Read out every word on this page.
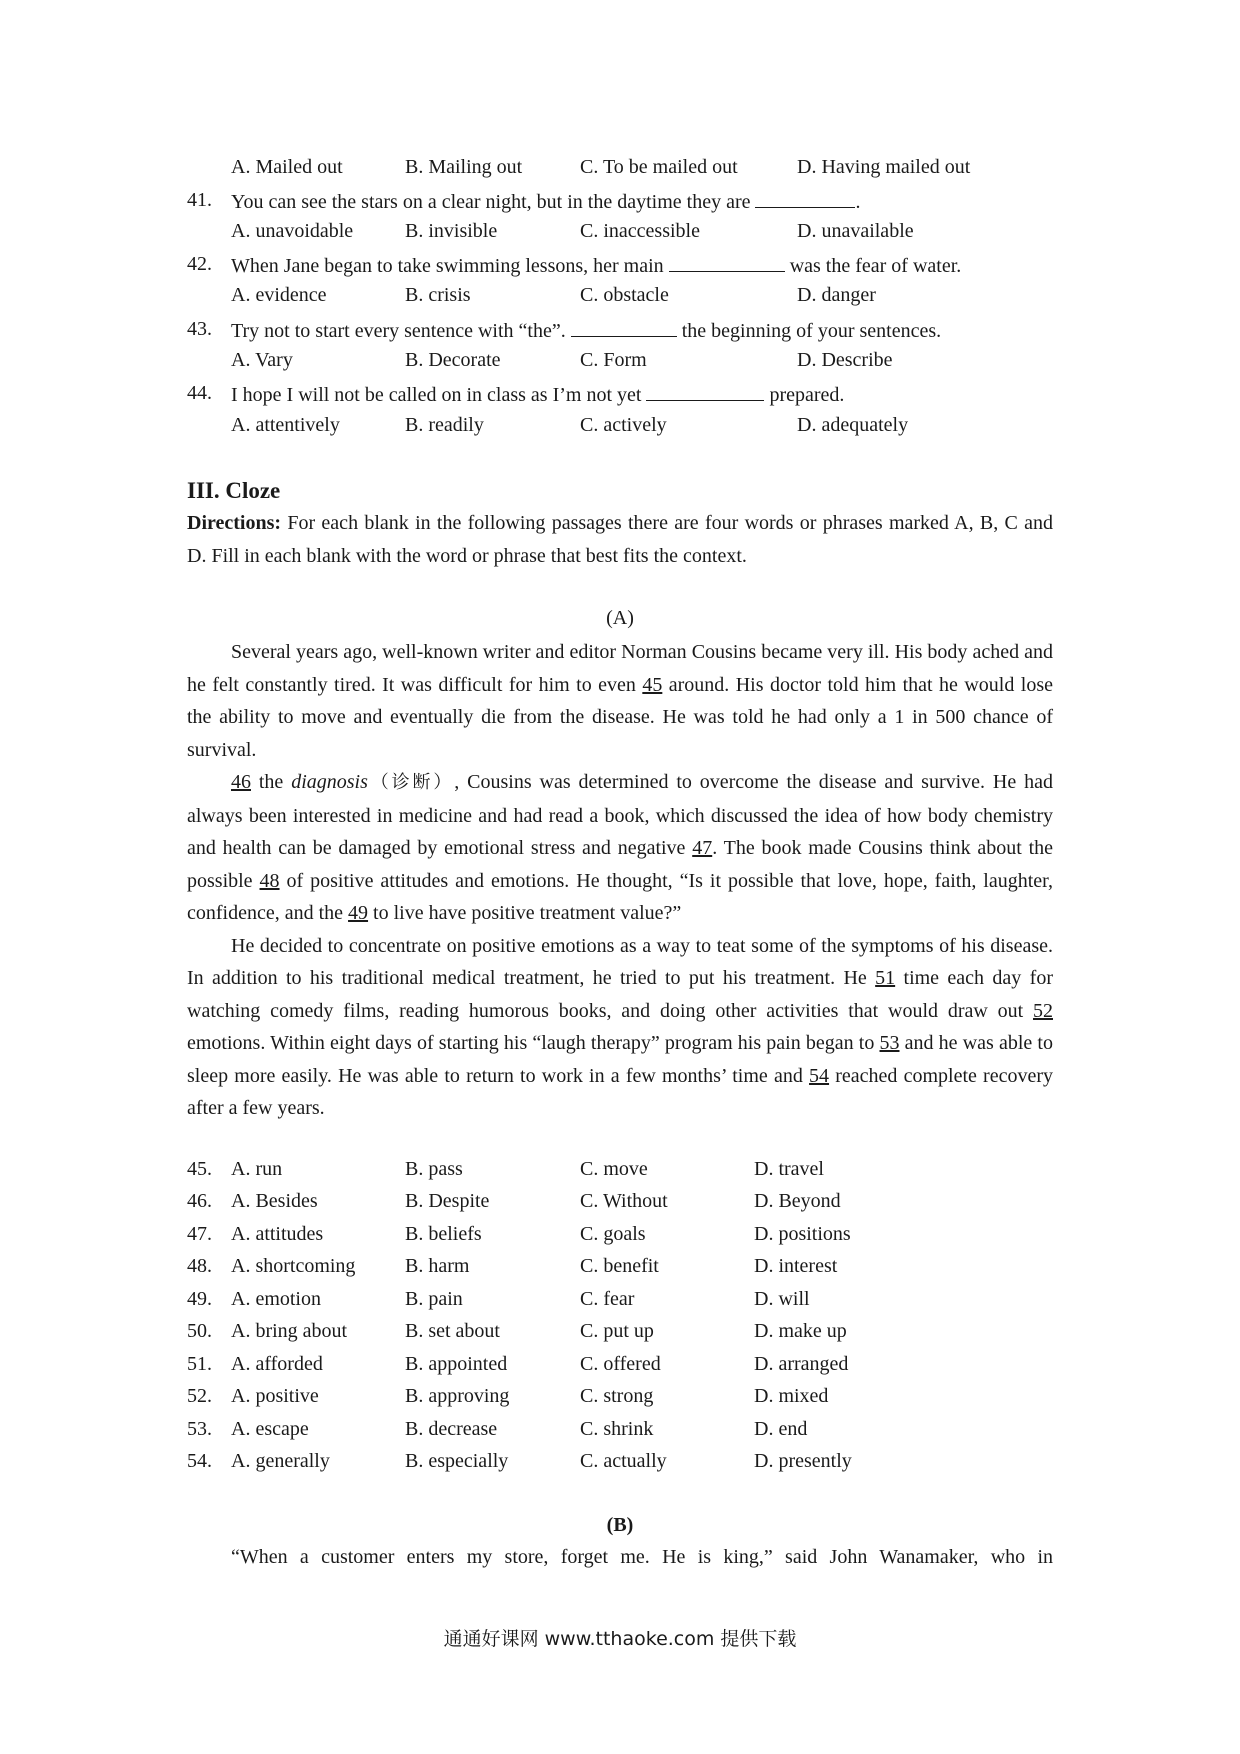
A. Mailed out	B. Mailing out	C. To be mailed out	D. Having mailed out
41. You can see the stars on a clear night, but in the daytime they are	.
A. unavoidable	B. invisible	C. inaccessible	D. unavailable
42. When Jane began to take swimming lessons, her main	was the fear of water.
A. evidence	B. crisis	C. obstacle	D. danger
43. Try not to start every sentence with “the”.	the beginning of your sentences.
A. Vary	B. Decorate	C. Form	D. Describe
44. I hope I will not be called on in class as I’m not yet	prepared.
A. attentively	B. readily	C. actively	D. adequately
III. Cloze
Directions: For each blank in the following passages there are four words or phrases marked A, B, C and D. Fill in each blank with the word or phrase that best fits the context.
(A)

Several years ago, well-known writer and editor Norman Cousins became very ill. His body ached and he felt constantly tired. It was difficult for him to even 45 around. His doctor told him that he would lose the ability to move and eventually die from the disease. He was told he had only a 1 in 500 chance of survival.

46 the diagnosis（诊断）, Cousins was determined to overcome the disease and survive. He had always been interested in medicine and had read a book, which discussed the idea of how body chemistry and health can be damaged by emotional stress and negative 47. The book made Cousins think about the possible 48 of positive attitudes and emotions. He thought, “Is it possible that love, hope, faith, laughter, confidence, and the 49 to live have positive treatment value?”

He decided to concentrate on positive emotions as a way to teat some of the symptoms of his disease. In addition to his traditional medical treatment, he tried to put his treatment. He 51 time each day for watching comedy films, reading humorous books, and doing other activities that would draw out 52 emotions. Within eight days of starting his “laugh therapy” program his pain began to 53 and he was able to sleep more easily. He was able to return to work in a few months’ time and 54 reached complete recovery after a few years.

45. A. run	B. pass	C. move	D. travel
46. A. Besides	B. Despite	C. Without	D. Beyond
47. A. attitudes	B. beliefs	C. goals	D. positions
48. A. shortcoming B. harm	C. benefit	D. interest
49. A. emotion	B. pain	C. fear	D. will
50. A. bring about	B. set about	C. put up	D. make up
51. A. afforded	B. appointed	C. offered	D. arranged
52. A. positive	B. approving	C. strong	D. mixed
53. A. escape	B. decrease	C. shrink	D. end
54. A. generally	B. especially	C. actually	D. presently
(B)

“When a customer enters my store, forget me. He is king,” said John Wanamaker, who in

通通好课网 www.tthaoke.com 提供下载
